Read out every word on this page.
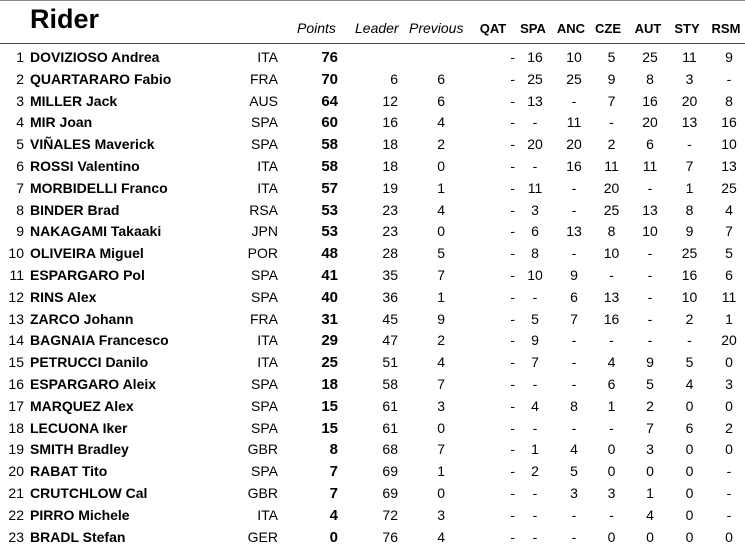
Rider	Points Leader Previous QAT SPA ANC CZE AUT STY RSM
1	DOVIZIOSO Andrea	ITA	76			-	16	10	5	25	11	9
2	QUARTARARO Fabio	FRA	70	6	6	-	25	25	9	8	3	-
3	MILLER Jack	AUS	64	12	6	-	13	-	7	16	20	8
4	MIR Joan	SPA	60	16	4	-	-	11	-	20	13	16
5	VIÑALES Maverick	SPA	58	18	2	-	20	20	2	6	-	10
6	ROSSI Valentino	ITA	58	18	0	-	-	16	11	11	7	13
7	MORBIDELLI Franco	ITA	57	19	1	-	11	-	20	-	1	25
8	BINDER Brad	RSA	53	23	4	-	3	-	25	13	8	4
9	NAKAGAMI Takaaki	JPN	53	23	0	-	6	13	8	10	9	7
10	OLIVEIRA Miguel	POR	48	28	5	-	8	-	10	-	25	5
11	ESPARGARO Pol	SPA	41	35	7	-	10	9	-	-	16	6
12	RINS Alex	SPA	40	36	1	-	-	6	13	-	10	11
13	ZARCO Johann	FRA	31	45	9	-	5	7	16	-	2	1
14	BAGNAIA Francesco	ITA	29	47	2	-	9	-	-	-	-	20
15	PETRUCCI Danilo	ITA	25	51	4	-	7	-	4	9	5	0
16	ESPARGARO Aleix	SPA	18	58	7	-	-	-	6	5	4	3
17	MARQUEZ Alex	SPA	15	61	3	-	4	8	1	2	0	0
18	LECUONA Iker	SPA	15	61	0	-	-	-	-	7	6	2
19	SMITH Bradley	GBR	8	68	7	-	1	4	0	3	0	0
20	RABAT Tito	SPA	7	69	1	-	2	5	0	0	0	-
21	CRUTCHLOW Cal	GBR	7	69	0	-	-	3	3	1	0	-
22	PIRRO Michele	ITA	4	72	3	-	-	-	-	4	0	-
23	BRADL Stefan	GER	0	76	4	-	-	-	0	0	0	0
